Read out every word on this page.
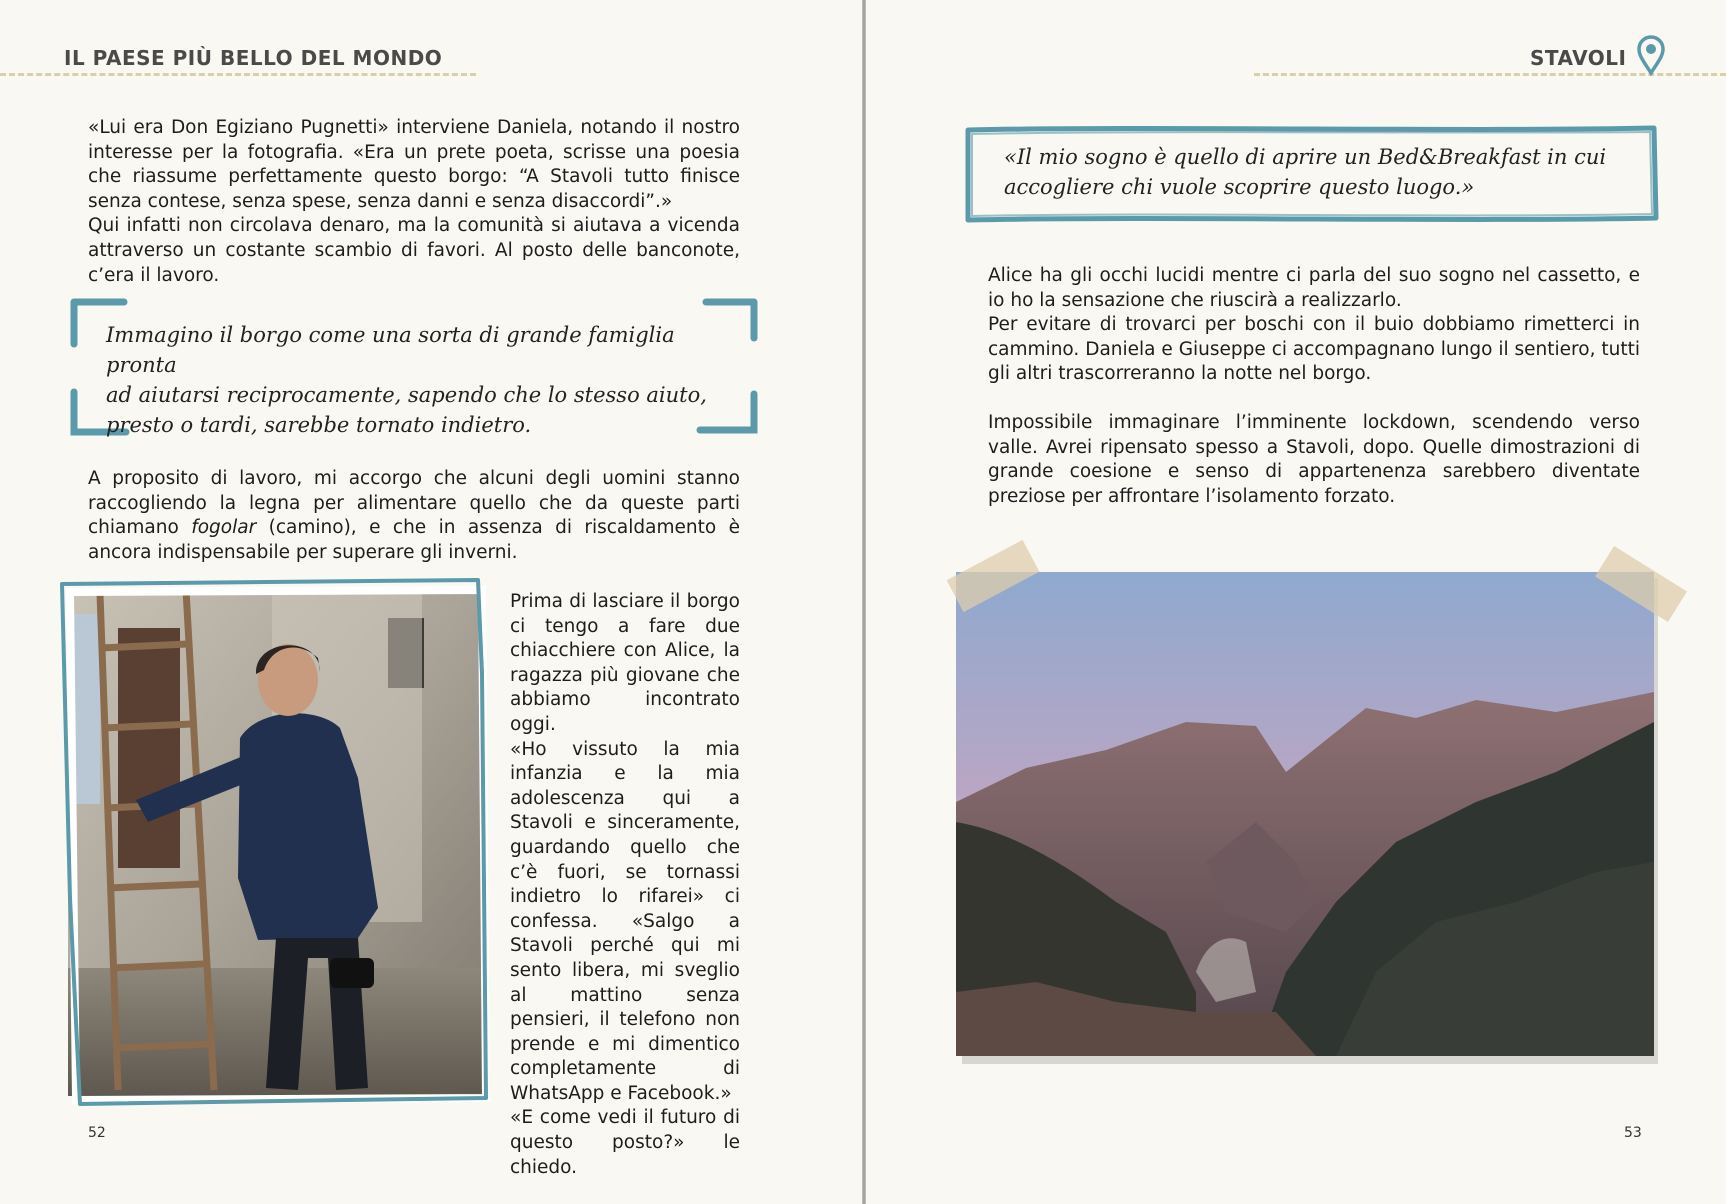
IL PAESE PIÙ BELLO DEL MONDO

«Lui era Don Egiziano Pugnetti» interviene Daniela, notando il nostro interesse per la fotografia. «Era un prete poeta, scrisse una poesia che riassume perfettamente questo borgo: “A Stavoli tutto finisce senza contese, senza spese, senza danni e senza disaccordi”.»

Qui infatti non circolava denaro, ma la comunità si aiutava a vicenda attraverso un costante scambio di favori. Al posto delle banconote, c’era il lavoro.

Immagino il borgo come una sorta di grande famiglia pronta
ad aiutarsi reciprocamente, sapendo che lo stesso aiuto,
presto o tardi, sarebbe tornato indietro.

A proposito di lavoro, mi accorgo che alcuni degli uomini stanno raccogliendo la legna per alimentare quello che da queste parti chiamano fogolar (camino), e che in assenza di riscaldamento è ancora indispensabile per superare gli inverni.

Prima di lasciare il borgo ci tengo a fare due chiacchiere con Alice, la ragazza più giovane che abbiamo incontrato oggi.

«Ho vissuto la mia infanzia e la mia adolescenza qui a Stavoli e sinceramente, guardando quello che c’è fuori, se tornassi indietro lo rifarei» ci confessa. «Salgo a Stavoli perché qui mi sento libera, mi sveglio al mattino senza pensieri, il telefono non prende e mi dimentico completamente di WhatsApp e Facebook.»

«E come vedi il futuro di questo posto?» le chiedo.

52
STAVOLI
«Il mio sogno è quello di aprire un Bed&Breakfast in cui
accogliere chi vuole scoprire questo luogo.»

Alice ha gli occhi lucidi mentre ci parla del suo sogno nel cassetto, e io ho la sensazione che riuscirà a realizzarlo.

Per evitare di trovarci per boschi con il buio dobbiamo rimetterci in cammino. Daniela e Giuseppe ci accompagnano lungo il sentiero, tutti gli altri trascorreranno la notte nel borgo.

Impossibile immaginare l’imminente lockdown, scendendo verso valle. Avrei ripensato spesso a Stavoli, dopo. Quelle dimostrazioni di grande coesione e senso di appartenenza sarebbero diventate preziose per affrontare l’isolamento forzato.

53
